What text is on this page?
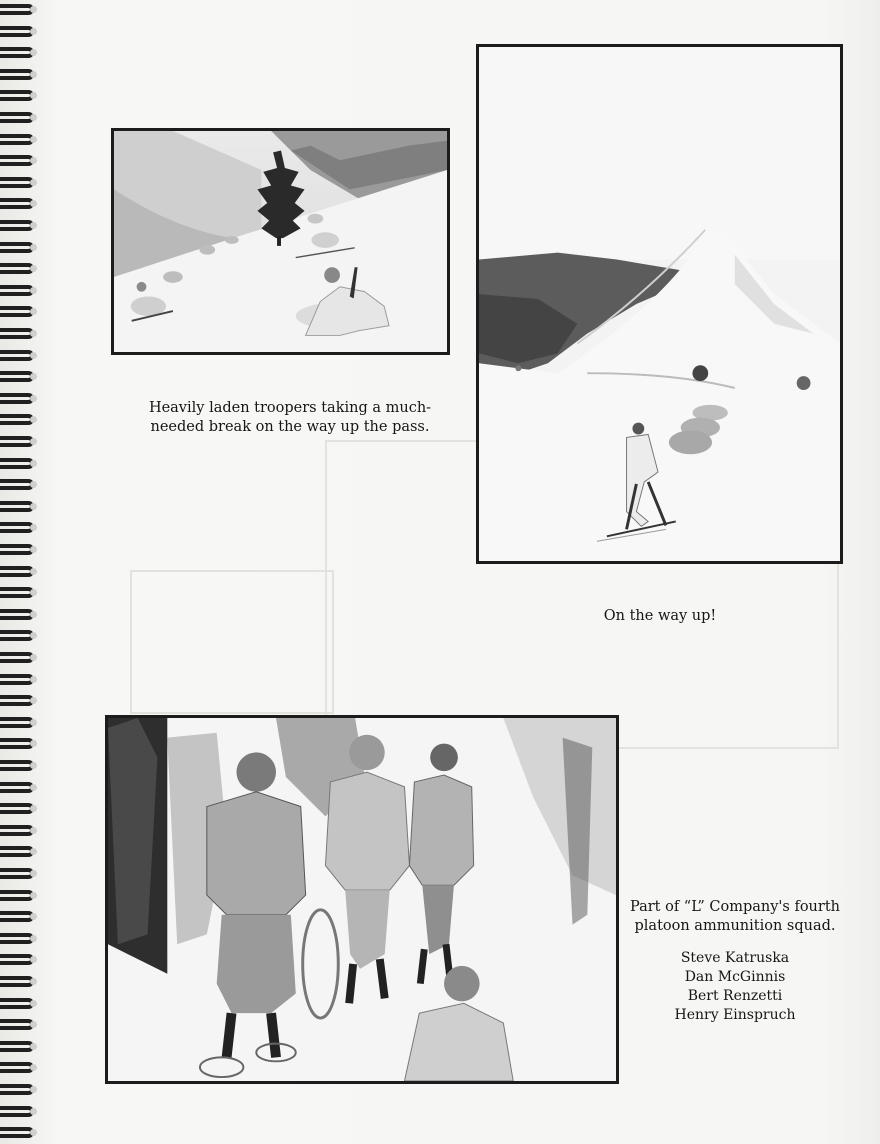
Heavily laden troopers taking a much-
needed break on the way up the pass.
On the way up!
Part of “L” Company's fourth
platoon ammunition squad.
Steve Katruska
Dan McGinnis
Bert Renzetti
Henry Einspruch
